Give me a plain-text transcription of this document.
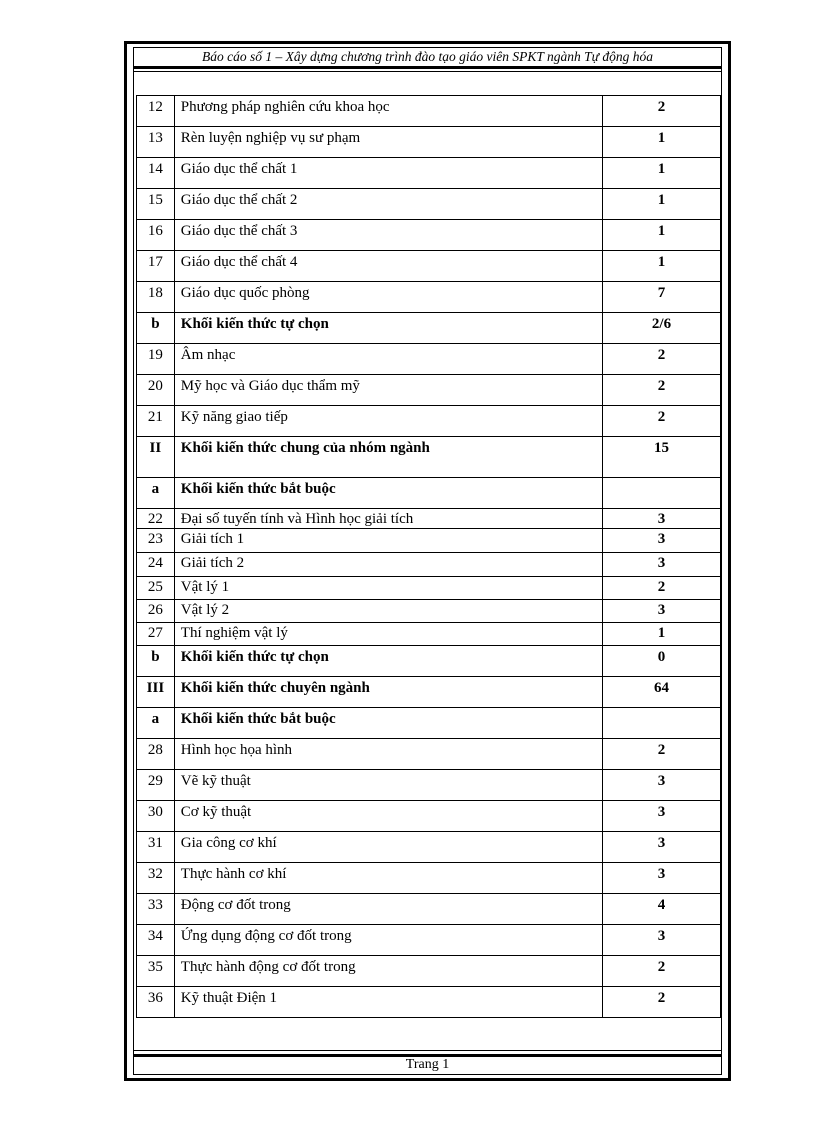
Báo cáo số 1 – Xây dựng chương trình đào tạo giáo viên SPKT ngành Tự động hóa
12	Phương pháp nghiên cứu khoa học	2
13	Rèn luyện nghiệp vụ sư phạm	1
14	Giáo dục thể chất 1	1
15	Giáo dục thể chất 2	1
16	Giáo dục thể chất 3	1
17	Giáo dục thể chất 4	1
18	Giáo dục quốc phòng	7
b	Khối kiến thức tự chọn	2/6
19	Âm nhạc	2
20	Mỹ học và Giáo dục thẩm mỹ	2
21	Kỹ năng giao tiếp	2
II	Khối kiến thức chung của nhóm ngành	15
a	Khối kiến thức bắt buộc	
22	Đại số tuyến tính và Hình học giải tích	3
23	Giải tích 1	3
24	Giải tích 2	3
25	Vật lý 1	2
26	Vật lý 2	3
27	Thí nghiệm vật lý	1
b	Khối kiến thức tự chọn	0
III	Khối kiến thức chuyên ngành	64
a	Khối kiến thức bắt buộc	
28	Hình học họa hình	2
29	Vẽ kỹ thuật	3
30	Cơ kỹ thuật	3
31	Gia công cơ khí	3
32	Thực hành cơ khí	3
33	Động cơ đốt trong	4
34	Ứng dụng động cơ đốt trong	3
35	Thực hành động cơ đốt trong	2
36	Kỹ thuật Điện 1	2
Trang 1
